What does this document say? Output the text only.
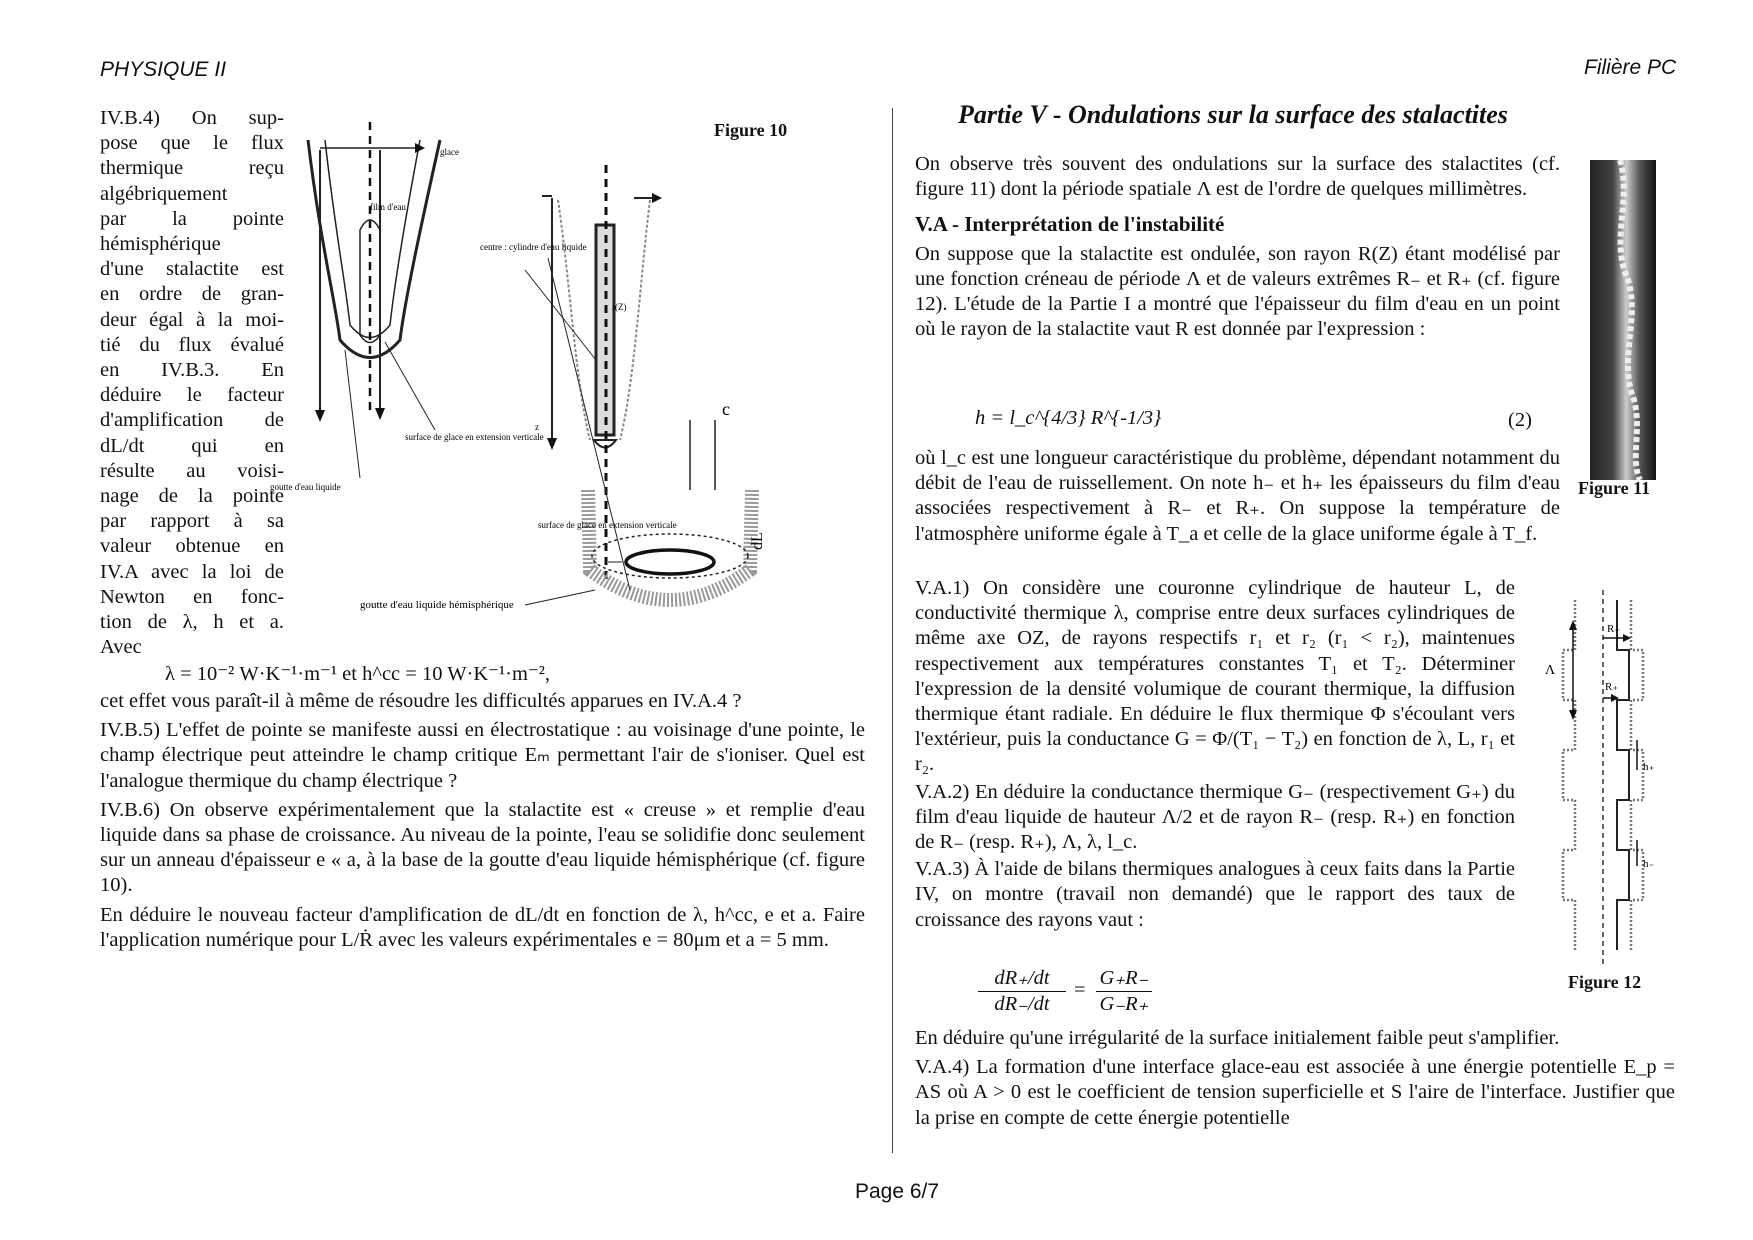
PHYSIQUE II	Filière PC
IV.B.4) On sup-
pose que le flux
thermique reçu
algébriquement
par la pointe
hémisphérique
d'une stalactite est
en ordre de gran-
deur égal à la moi-
tié du flux évalué
en IV.B.3. En
déduire le facteur
d'amplification de
dL/dt qui en
résulte au voisi-
nage de la pointe
par rapport à sa
valeur obtenue en
IV.A avec la loi de
Newton en fonc-
tion de λ, h et a.
Avec
Figure 10
glace
film d'eau
surface de glace en extension verticale
goutte d'eau liquide
centre : cylindre d'eau liquide
r(Z)
z
c
dL
surface de glace en extension verticale
goutte d'eau liquide hémisphérique
λ = 10⁻² W·K⁻¹·m⁻¹ et h^cc = 10 W·K⁻¹·m⁻²,

cet effet vous paraît-il à même de résoudre les difficultés apparues en IV.A.4 ?

IV.B.5) L'effet de pointe se manifeste aussi en électrostatique : au voisinage d'une pointe, le champ électrique peut atteindre le champ critique Eₘ permettant l'air de s'ioniser. Quel est l'analogue thermique du champ électrique ?

IV.B.6) On observe expérimentalement que la stalactite est « creuse » et remplie d'eau liquide dans sa phase de croissance. Au niveau de la pointe, l'eau se solidifie donc seulement sur un anneau d'épaisseur e « a, à la base de la goutte d'eau liquide hémisphérique (cf. figure 10).

En déduire le nouveau facteur d'amplification de dL/dt en fonction de λ, h^cc, e et a. Faire l'application numérique pour L/Ṙ avec les valeurs expérimentales e = 80μm et a = 5 mm.

Partie V - Ondulations sur la surface des stalactites

On observe très souvent des ondulations sur la surface des stalactites (cf. figure 11) dont la période spatiale Λ est de l'ordre de quelques millimètres.

V.A - Interprétation de l'instabilité

On suppose que la stalactite est ondulée, son rayon R(Z) étant modélisé par une fonction créneau de période Λ et de valeurs extrêmes R₋ et R₊ (cf. figure 12). L'étude de la Partie I a montré que l'épaisseur du film d'eau en un point où le rayon de la stalactite vaut R est donnée par l'expression :

h = l_c^{4/3} R^{-1/3}	(2)

où l_c est une longueur caractéristique du problème, dépendant notamment du débit de l'eau de ruissellement. On note h₋ et h₊ les épaisseurs du film d'eau associées respectivement à R₋ et R₊. On suppose la température de l'atmosphère uniforme égale à T_a et celle de la glace uniforme égale à T_f.

V.A.1) On considère une couronne cylindrique de hauteur L, de conductivité thermique λ, comprise entre deux surfaces cylindriques de même axe OZ, de rayons respectifs r₁ et r₂ (r₁ < r₂), maintenues respectivement aux températures constantes T₁ et T₂. Déterminer l'expression de la densité volumique de courant thermique, la diffusion thermique étant radiale. En déduire le flux thermique Φ s'écoulant vers l'extérieur, puis la conductance G = Φ/(T₁ − T₂) en fonction de λ, L, r₁ et r₂.

V.A.2) En déduire la conductance thermique G₋ (respectivement G₊) du film d'eau liquide de hauteur Λ/2 et de rayon R₋ (resp. R₊) en fonction de R₋ (resp. R₊), Λ, λ, l_c.

V.A.3) À l'aide de bilans thermiques analogues à ceux faits dans la Partie IV, on montre (travail non demandé) que le rapport des taux de croissance des rayons vaut :

$\frac{dR_+/dt}{dR_-/dt} = \frac{G_+R_-}{G_-R_+}$

En déduire qu'une irrégularité de la surface initialement faible peut s'amplifier.

V.A.4) La formation d'une interface glace-eau est associée à une énergie potentielle E_p = AS où A > 0 est le coefficient de tension superficielle et S l'aire de l'interface. Justifier que la prise en compte de cette énergie potentielle

Figure 11
Λ
R₋
R₊
h₊
h₋
Figure 12
Page 6/7
